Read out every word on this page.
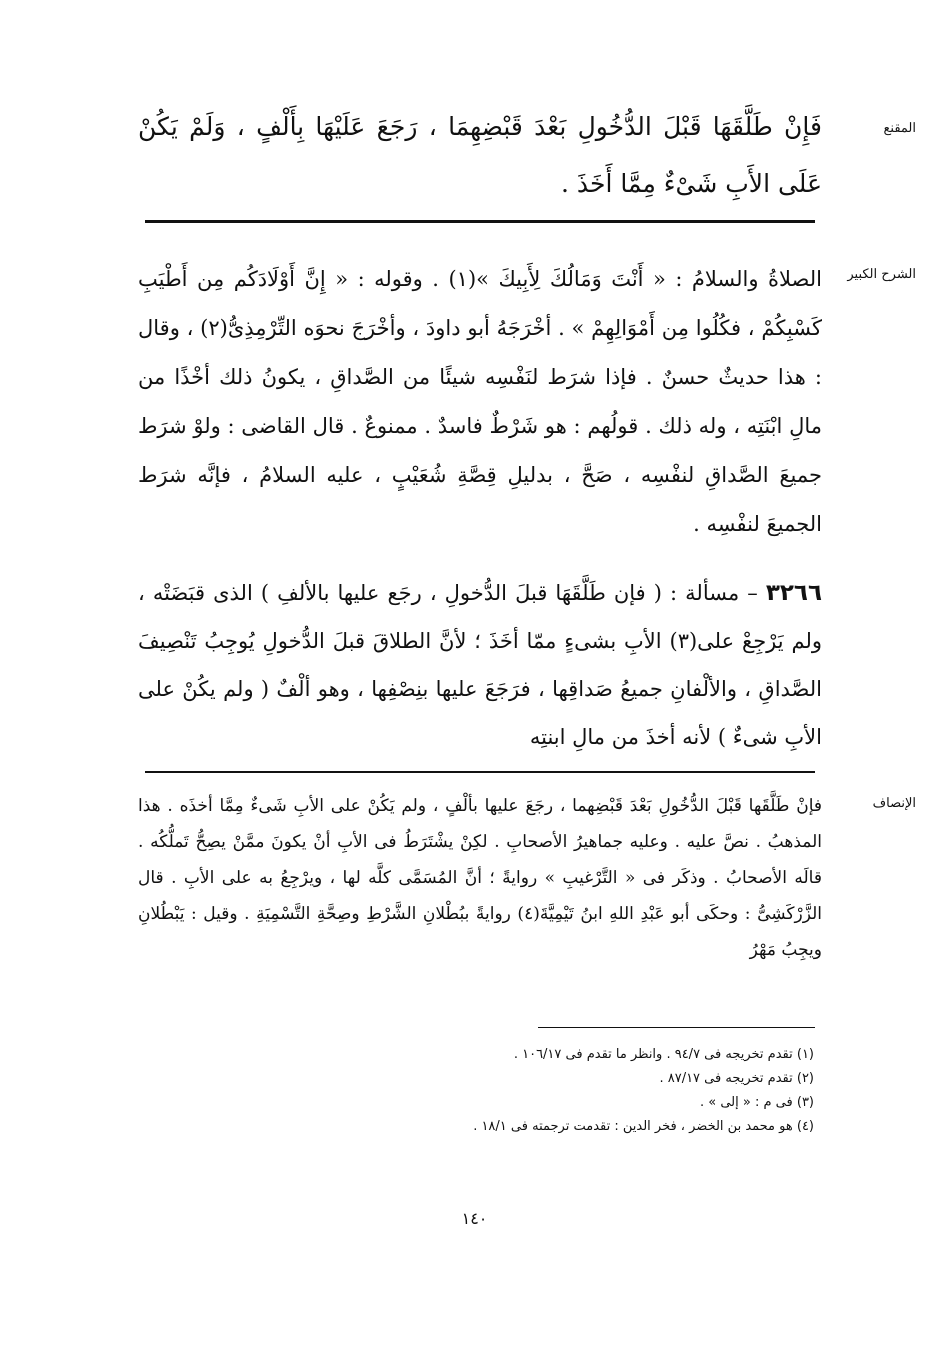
المقنع
فَإِنْ طَلَّقَهَا قَبْلَ الدُّخُولِ بَعْدَ قَبْضِهِمَا ، رَجَعَ عَلَيْهَا بِأَلْفٍ ، وَلَمْ يَكُنْ عَلَى الأَبِ شَىْءٌ مِمَّا أَخَذَ .
الشرح الكبير
الصلاةُ والسلامُ : « أَنْتَ وَمَالُكَ لِأَبِيكَ »(١) . وقوله : « إِنَّ أَوْلَادَكُم مِن أَطْيَبِ كَسْبِكُمْ ، فكُلُوا مِن أَمْوَالِهِمْ » . أخْرَجَهُ أبو داودَ ، وأخْرَجَ نحوَه التِّرْمِذِىُّ(٢) ، وقال : هذا حديثٌ حسنٌ . فإذا شرَط لنَفْسِه شيئًا من الصَّداقِ ، يكونُ ذلك أخْذًا من مالِ ابْنَتِه ، وله ذلك . قولُهم : هو شَرْطٌ فاسدٌ . ممنوعٌ . قال القاضى : ولوْ شرَط جميعَ الصَّداقِ لنفْسِه ، صَحَّ ، بدليلِ قِصَّةِ شُعَيْبٍ ، عليه السلامُ ، فإنَّه شرَط الجميعَ لنفْسِه .
٣٢٦٦ – مسألة : ( فإن طَلَّقَهَا قبلَ الدُّخولِ ، رجَع عليها بالألفِ ) الذى قبَضَتْه ، ولم يَرْجِعْ على(٣) الأبِ بشىءٍ ممّا أخَذَ ؛ لأنَّ الطلاقَ قبلَ الدُّخولِ يُوجِبُ تَنْصِيفَ الصَّداقِ ، والألْفانِ جميعُ صَداقِها ، فرَجَعَ عليها بنِصْفِها ، وهو ألْفٌ ( ولم يكُنْ على الأبِ شىءٌ ) لأنه أخذَ من مالِ ابنتِه
الإنصاف
فإنْ طَلَّقَها قَبْلَ الدُّخُولِ بَعْدَ قَبْضِهما ، رجَعَ عليها بألْفٍ ، ولم يَكُنْ على الأبِ شَىءٌ مِمَّا أخذَه . هذا المذهبُ . نصَّ عليه . وعليه جماهيرُ الأصحابِ . لكِنْ يشْتَرَطُ فى الأبِ أنْ يكونَ ممَّنْ يصِحُّ تَملُّكُه . قالَه الأصحابُ . وذكَر فى « التَّرْغيبِ » روايةً ؛ أنَّ المُسَمَّى كلَّه لها ، ويرْجِعُ به على الأبِ . قال الزَّرْكَشِىُّ : وحكَى أبو عَبْدِ اللهِ ابنُ تَيْمِيَّةَ(٤) روايةً ببُطْلانِ الشَّرْطِ وصِحَّةِ التَّسْمِيَةِ . وقيل : يَبْطُلانِ ويجِبُ مَهْرُ
(١) تقدم تخريجه فى ٩٤/٧ . وانظر ما تقدم فى ١٠٦/١٧ .
(٢) تقدم تخريجه فى ٨٧/١٧ .
(٣) فى م : « إلى » .
(٤) هو محمد بن الخضر ، فخر الدين : تقدمت ترجمته فى ١٨/١ .
١٤٠
